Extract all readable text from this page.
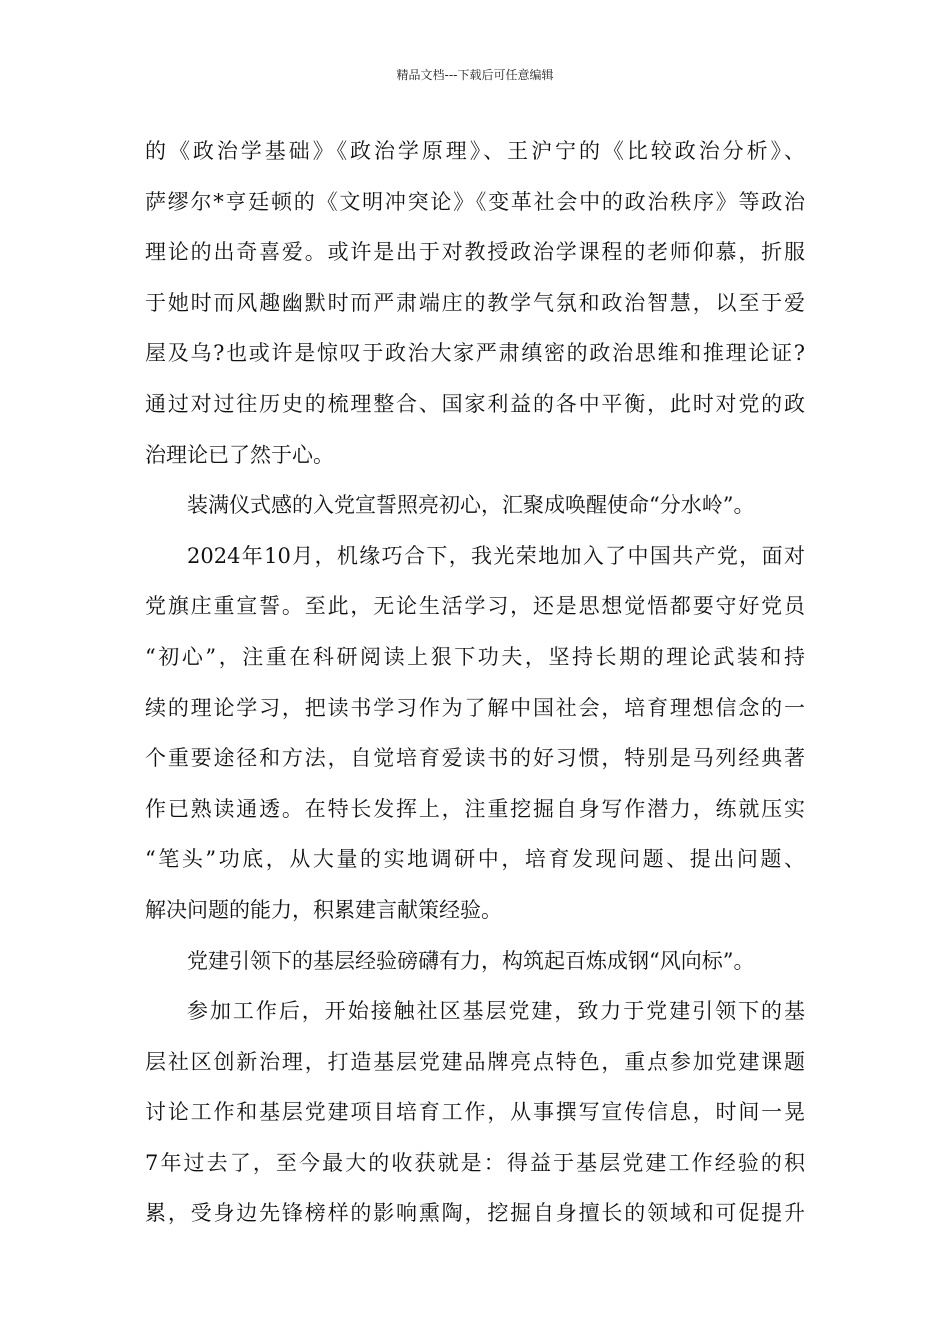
精品文档---下载后可任意编辑
的《政治学基础》《政治学原理》、王沪宁的《比较政治分析》、
萨缪尔*亨廷顿的《文明冲突论》《变革社会中的政治秩序》等政治
理论的出奇喜爱。或许是出于对教授政治学课程的老师仰慕，折服
于她时而风趣幽默时而严肃端庄的教学气氛和政治智慧，以至于爱
屋及乌?也或许是惊叹于政治大家严肃缜密的政治思维和推理论证?
通过对过往历史的梳理整合、国家利益的各中平衡，此时对党的政
治理论已了然于心。
装满仪式感的入党宣誓照亮初心，汇聚成唤醒使命“分水岭”。
2024年10月，机缘巧合下，我光荣地加入了中国共产党，面对
党旗庄重宣誓。至此，无论生活学习，还是思想觉悟都要守好党员
“初心”，注重在科研阅读上狠下功夫，坚持长期的理论武装和持
续的理论学习，把读书学习作为了解中国社会，培育理想信念的一
个重要途径和方法，自觉培育爱读书的好习惯，特别是马列经典著
作已熟读通透。在特长发挥上，注重挖掘自身写作潜力，练就压实
“笔头”功底，从大量的实地调研中，培育发现问题、提出问题、
解决问题的能力，积累建言献策经验。
党建引领下的基层经验磅礴有力，构筑起百炼成钢“风向标”。
参加工作后，开始接触社区基层党建，致力于党建引领下的基
层社区创新治理，打造基层党建品牌亮点特色，重点参加党建课题
讨论工作和基层党建项目培育工作，从事撰写宣传信息，时间一晃
7年过去了，至今最大的收获就是：得益于基层党建工作经验的积
累，受身边先锋榜样的影响熏陶，挖掘自身擅长的领域和可促提升
